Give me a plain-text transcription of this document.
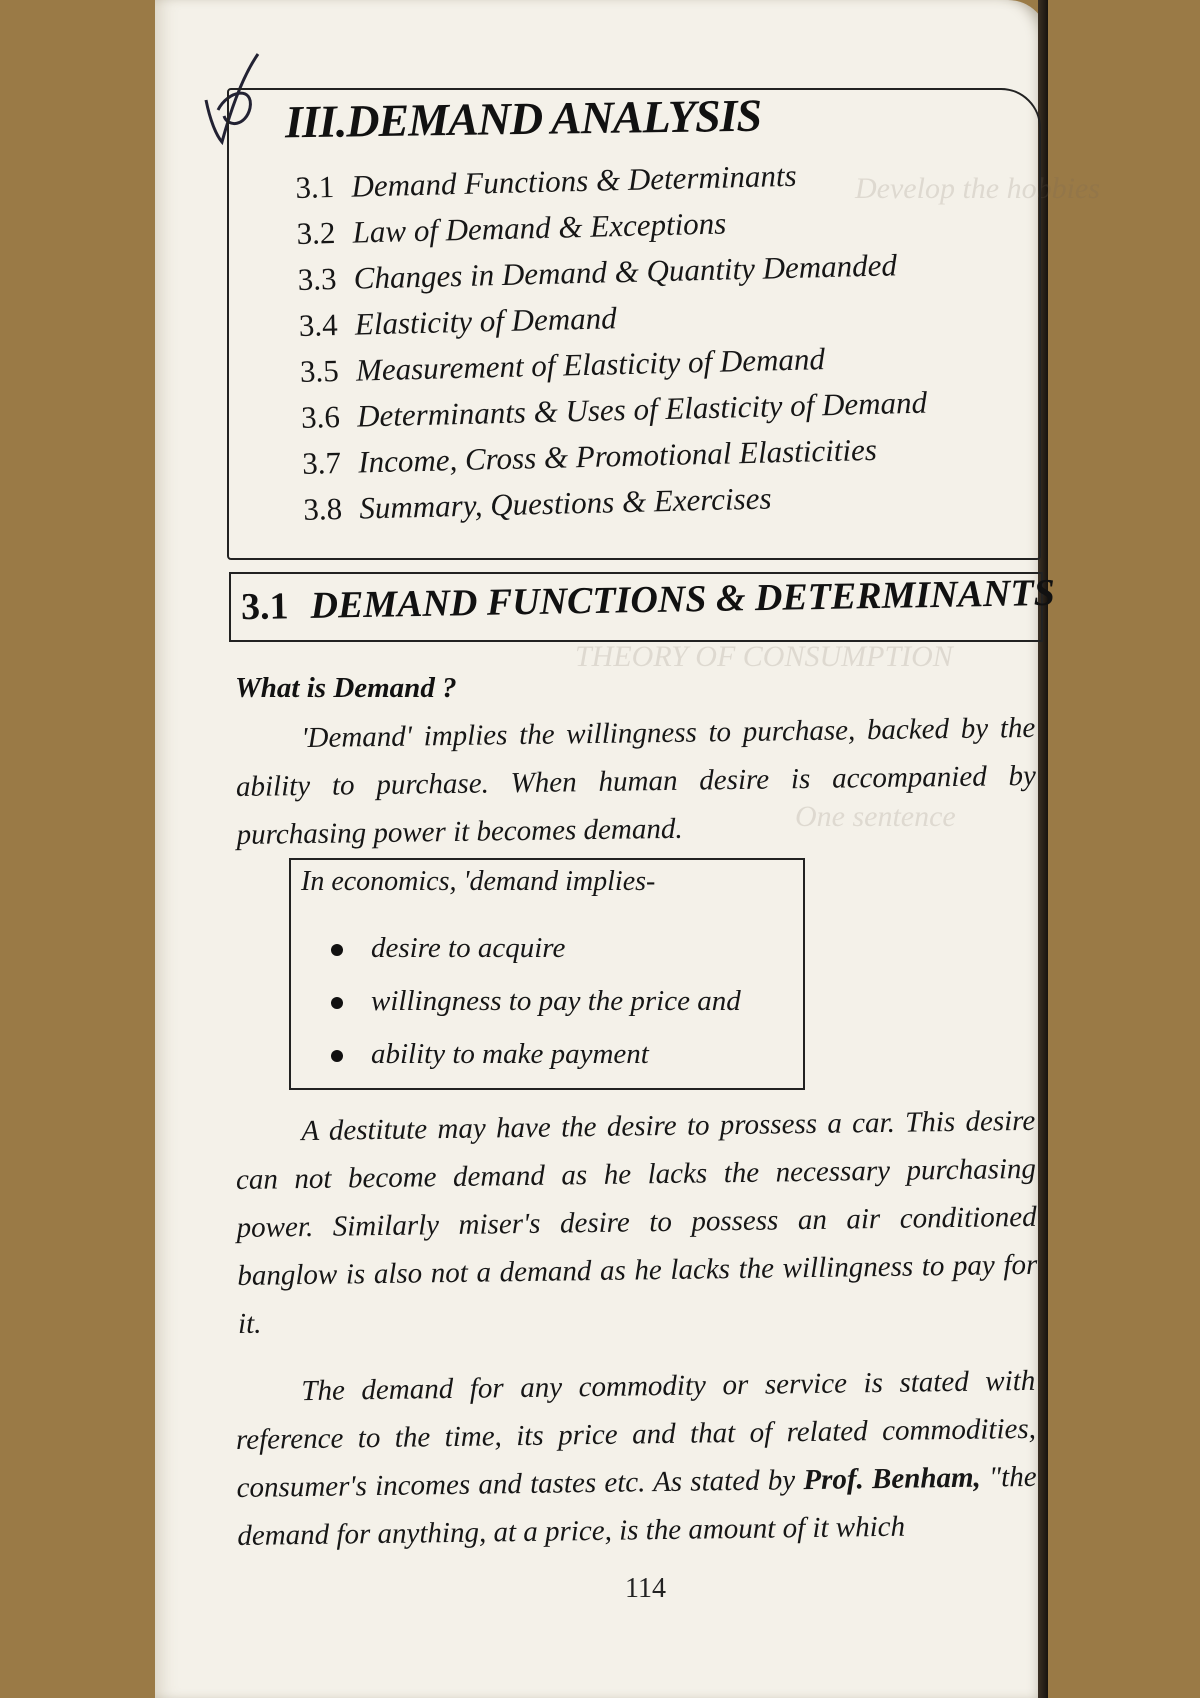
THEORY OF CONSUMPTION
Develop the hobbies
One sentence
III.DEMAND ANALYSIS
3.1 Demand Functions & Determinants
3.2 Law of Demand & Exceptions
3.3 Changes in Demand & Quantity Demanded
3.4 Elasticity of Demand
3.5 Measurement of Elasticity of Demand
3.6 Determinants & Uses of Elasticity of Demand
3.7 Income, Cross & Promotional Elasticities
3.8 Summary, Questions & Exercises
3.1 DEMAND FUNCTIONS & DETERMINANTS
What is Demand ?

'Demand' implies the willingness to purchase, backed by the ability to purchase. When human desire is accompanied by purchasing power it becomes demand.

In economics, 'demand implies-

desire to acquire
willingness to pay the price and
ability to make payment

A destitute may have the desire to prossess a car. This desire can not become demand as he lacks the necessary purchasing power. Similarly miser's desire to possess an air conditioned banglow is also not a demand as he lacks the willingness to pay for it.

The demand for any commodity or service is stated with reference to the time, its price and that of related commodities, consumer's incomes and tastes etc. As stated by Prof. Benham, "the demand for anything, at a price, is the amount of it which

114
